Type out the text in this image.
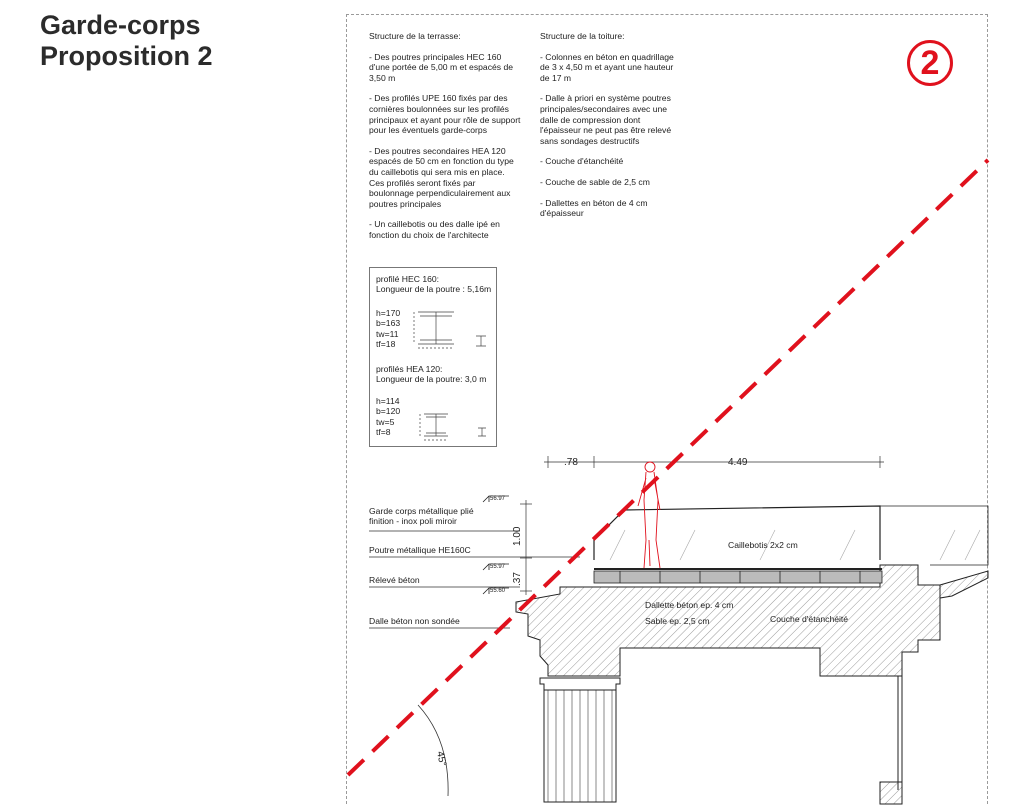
Garde-corps
Proposition 2	2

Structure de la terrasse:

- Des poutres principales HEC 160
d'une portée de 5,00 m et espacés de
3,50 m

- Des profilés UPE 160 fixés par des
cornières boulonnées sur les profilés
principaux et ayant pour rôle de support
pour les éventuels garde-corps

- Des poutres secondaires HEA 120
espacés de 50 cm en fonction du type
du caillebotis qui sera mis en place.
Ces profilés seront fixés par
boulonnage perpendiculairement aux
poutres principales

- Un caillebotis ou des dalle ipé en
fonction du choix de l'architecte

Structure de la toiture:

- Colonnes en béton en quadrillage
de 3 x 4,50 m et ayant une hauteur
de 17 m

- Dalle à priori en système poutres
principales/secondaires avec une
dalle de compression dont
l'épaisseur ne peut pas être relevé
sans sondages destructifs

- Couche d'étanchéité

- Couche de sable de 2,5 cm

- Dallettes en béton de 4 cm
d'épaisseur

profilé HEC 160:
Longueur de la poutre : 5,16m
h=170
b=163
tw=11
tf=18
profilés HEA 120:
Longueur de la poutre: 3,0 m
h=114
b=120
tw=5
tf=8
Garde corps métallique plié
finition - inox poli miroir
Poutre métallique HE160C
Rélevé béton
Dalle béton non sondée
56.97
55.97
55.60
1.00
.37
.78	4.49
Caillebotis 2x2 cm
Dallette béton ep. 4 cm
Sable ep. 2,5 cm	Couche d'étanchéité
45°
